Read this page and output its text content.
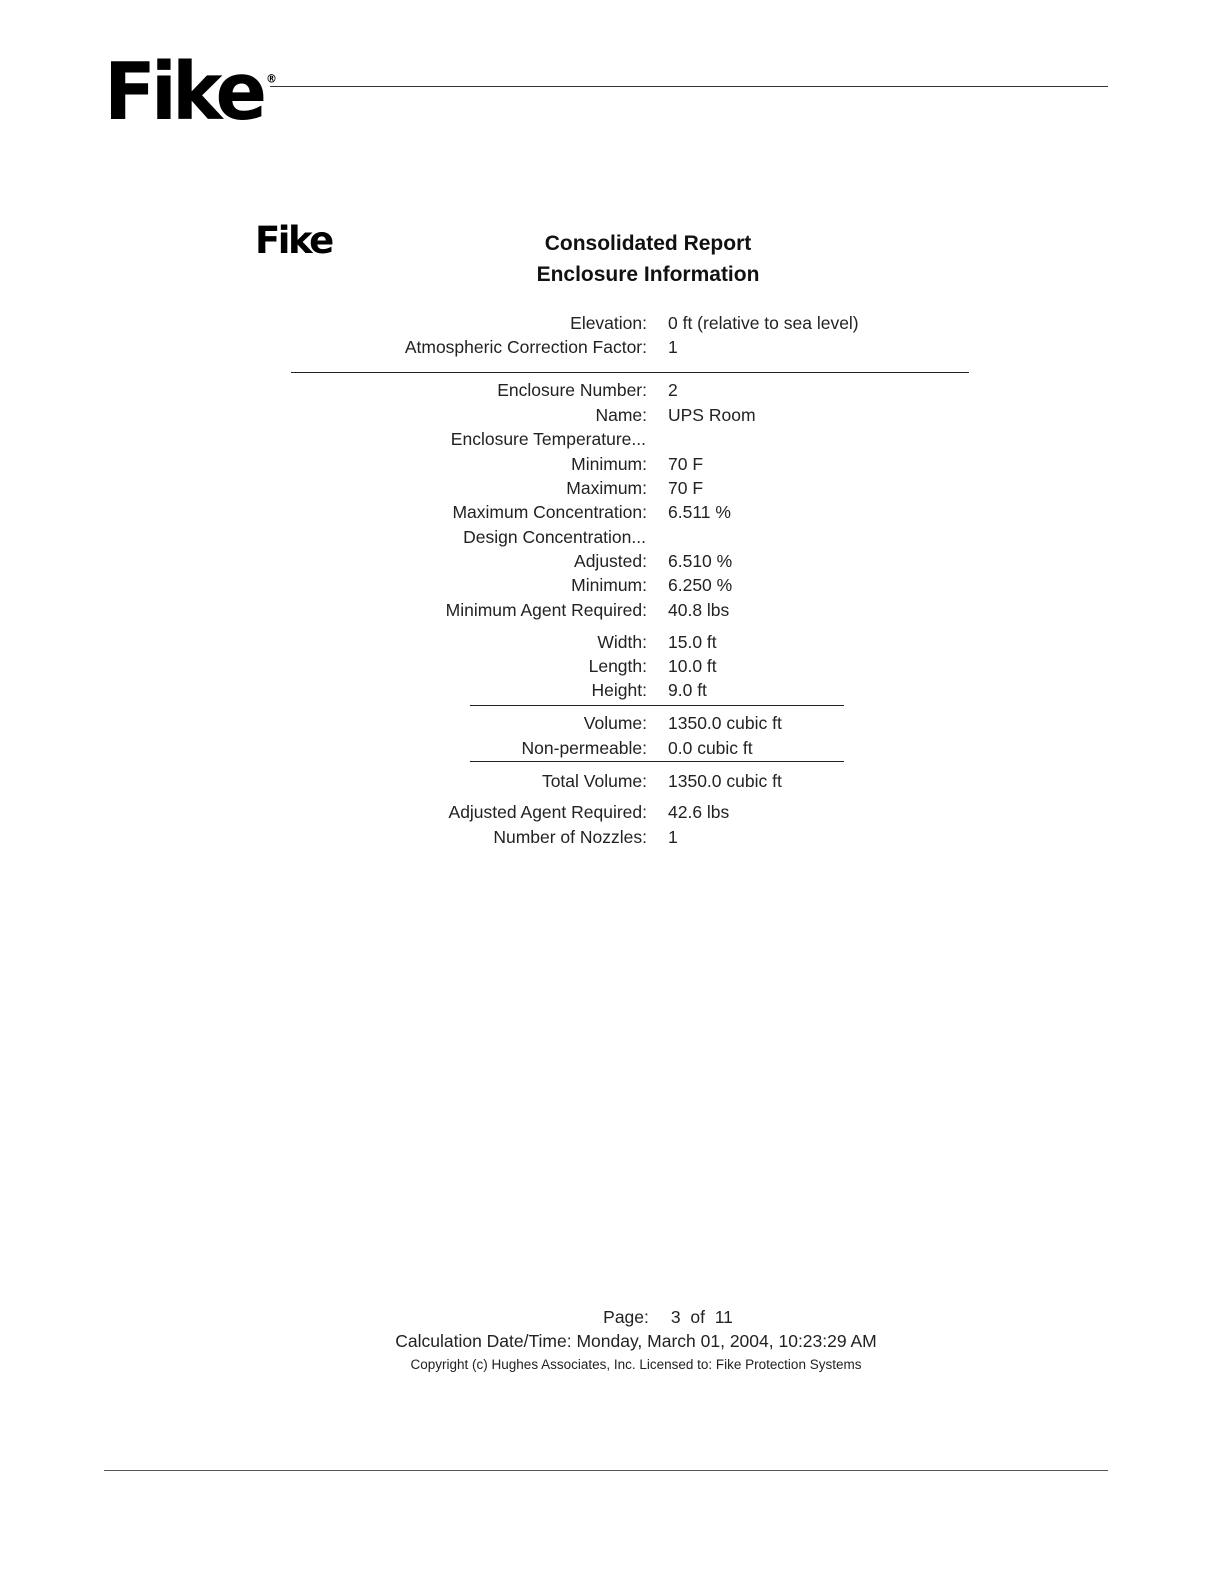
Fike ®
Fike	Consolidated Report
Enclosure Information
Elevation: 0 ft (relative to sea level)
Atmospheric Correction Factor: 1
Enclosure Number: 2
Name: UPS Room
Enclosure Temperature...
Minimum: 70 F
Maximum: 70 F
Maximum Concentration: 6.511 %
Design Concentration...
Adjusted: 6.510 %
Minimum: 6.250 %
Minimum Agent Required: 40.8 lbs
Width: 15.0 ft
Length: 10.0 ft
Height: 9.0 ft
Volume: 1350.0 cubic ft
Non-permeable: 0.0 cubic ft
Total Volume: 1350.0 cubic ft
Adjusted Agent Required: 42.6 lbs
Number of Nozzles: 1
Page: 3 of 11
Calculation Date/Time: Monday, March 01, 2004, 10:23:29 AM
Copyright (c) Hughes Associates, Inc. Licensed to: Fike Protection Systems
